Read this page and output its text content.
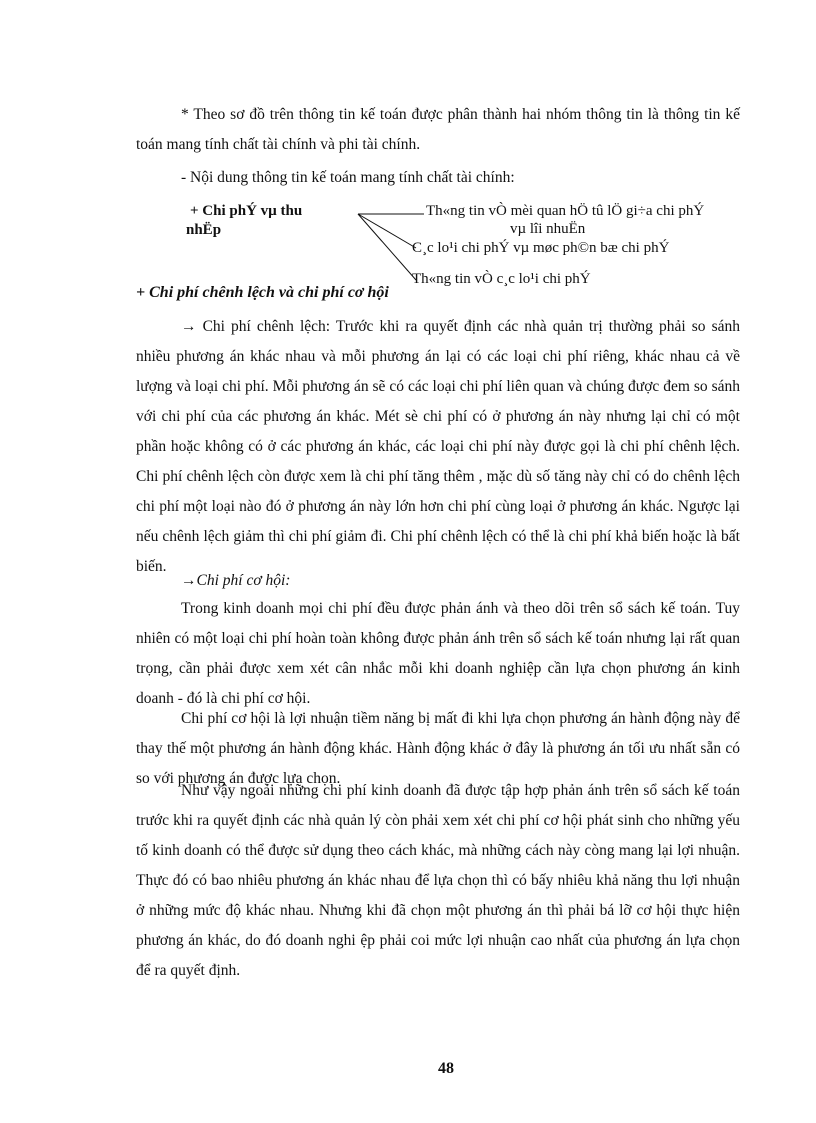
* Theo sơ đồ trên thông tin kế toán được phân thành hai nhóm thông tin là thông tin kế toán mang tính chất tài chính và phi tài chính.

- Nội dung thông tin kế toán mang tính chất tài chính:

+ Chi phÝ vµ thu
nhËp
Th«ng tin vÒ mèi quan hÖ tû lÖ gi÷a chi phÝ
vµ lîi nhuËn
C¸c lo¹i chi phÝ vµ møc ph©n bæ chi phÝ
Th«ng tin vÒ c¸c lo¹i chi phÝ
+ Chi phí chênh lệch và chi phí cơ hội

→ Chi phí chênh lệch: Trước khi ra quyết định các nhà quản trị thường phải so sánh nhiều phương án khác nhau và mỗi phương án lại có các loại chi phí riêng, khác nhau cả về lượng và loại chi phí. Mỗi phương án sẽ có các loại chi phí liên quan và chúng được đem so sánh với chi phí của các phương án khác. Mét sè chi phí có ở phương án này nhưng lại chỉ có một phần hoặc không có ở các phương án khác, các loại chi phí này được gọi là chi phí chênh lệch. Chi phí chênh lệch còn được xem là chi phí tăng thêm , mặc dù số tăng này chỉ có do chênh lệch chi phí một loại nào đó ở phương án này lớn hơn chi phí cùng loại ở phương án khác. Ngược lại nếu chênh lệch giảm thì chi phí giảm đi. Chi phí chênh lệch có thể là chi phí khả biến hoặc là bất biến.

→Chi phí cơ hội:

Trong kinh doanh mọi chi phí đều được phản ánh và theo dõi trên sổ sách kế toán. Tuy nhiên có một loại chi phí hoàn toàn không được phản ánh trên sổ sách kế toán nhưng lại rất quan trọng, cần phải được xem xét cân nhắc mỗi khi doanh nghiệp cần lựa chọn phương án kinh doanh - đó là chi phí cơ hội.

Chi phí cơ hội là lợi nhuận tiềm năng bị mất đi khi lựa chọn phương án hành động này để thay thế một phương án hành động khác. Hành động khác ở đây là phương án tối ưu nhất sẵn có so với phương án được lựa chọn.

Như vậy ngoài những chi phí kinh doanh đã được tập hợp phản ánh trên sổ sách kế toán trước khi ra quyết định các nhà quản lý còn phải xem xét chi phí cơ hội phát sinh cho những yếu tố kinh doanh có thể được sử dụng theo cách khác, mà những cách này còng mang lại lợi nhuận. Thực đó có bao nhiêu phương án khác nhau để lựa chọn thì có bấy nhiêu khả năng thu lợi nhuận ở những mức độ khác nhau. Nhưng khi đã chọn một phương án thì phải bá lỡ cơ hội thực hiện phương án khác, do đó doanh nghi ệp phải coi mức lợi nhuận cao nhất của phương án lựa chọn để ra quyết định.

48
